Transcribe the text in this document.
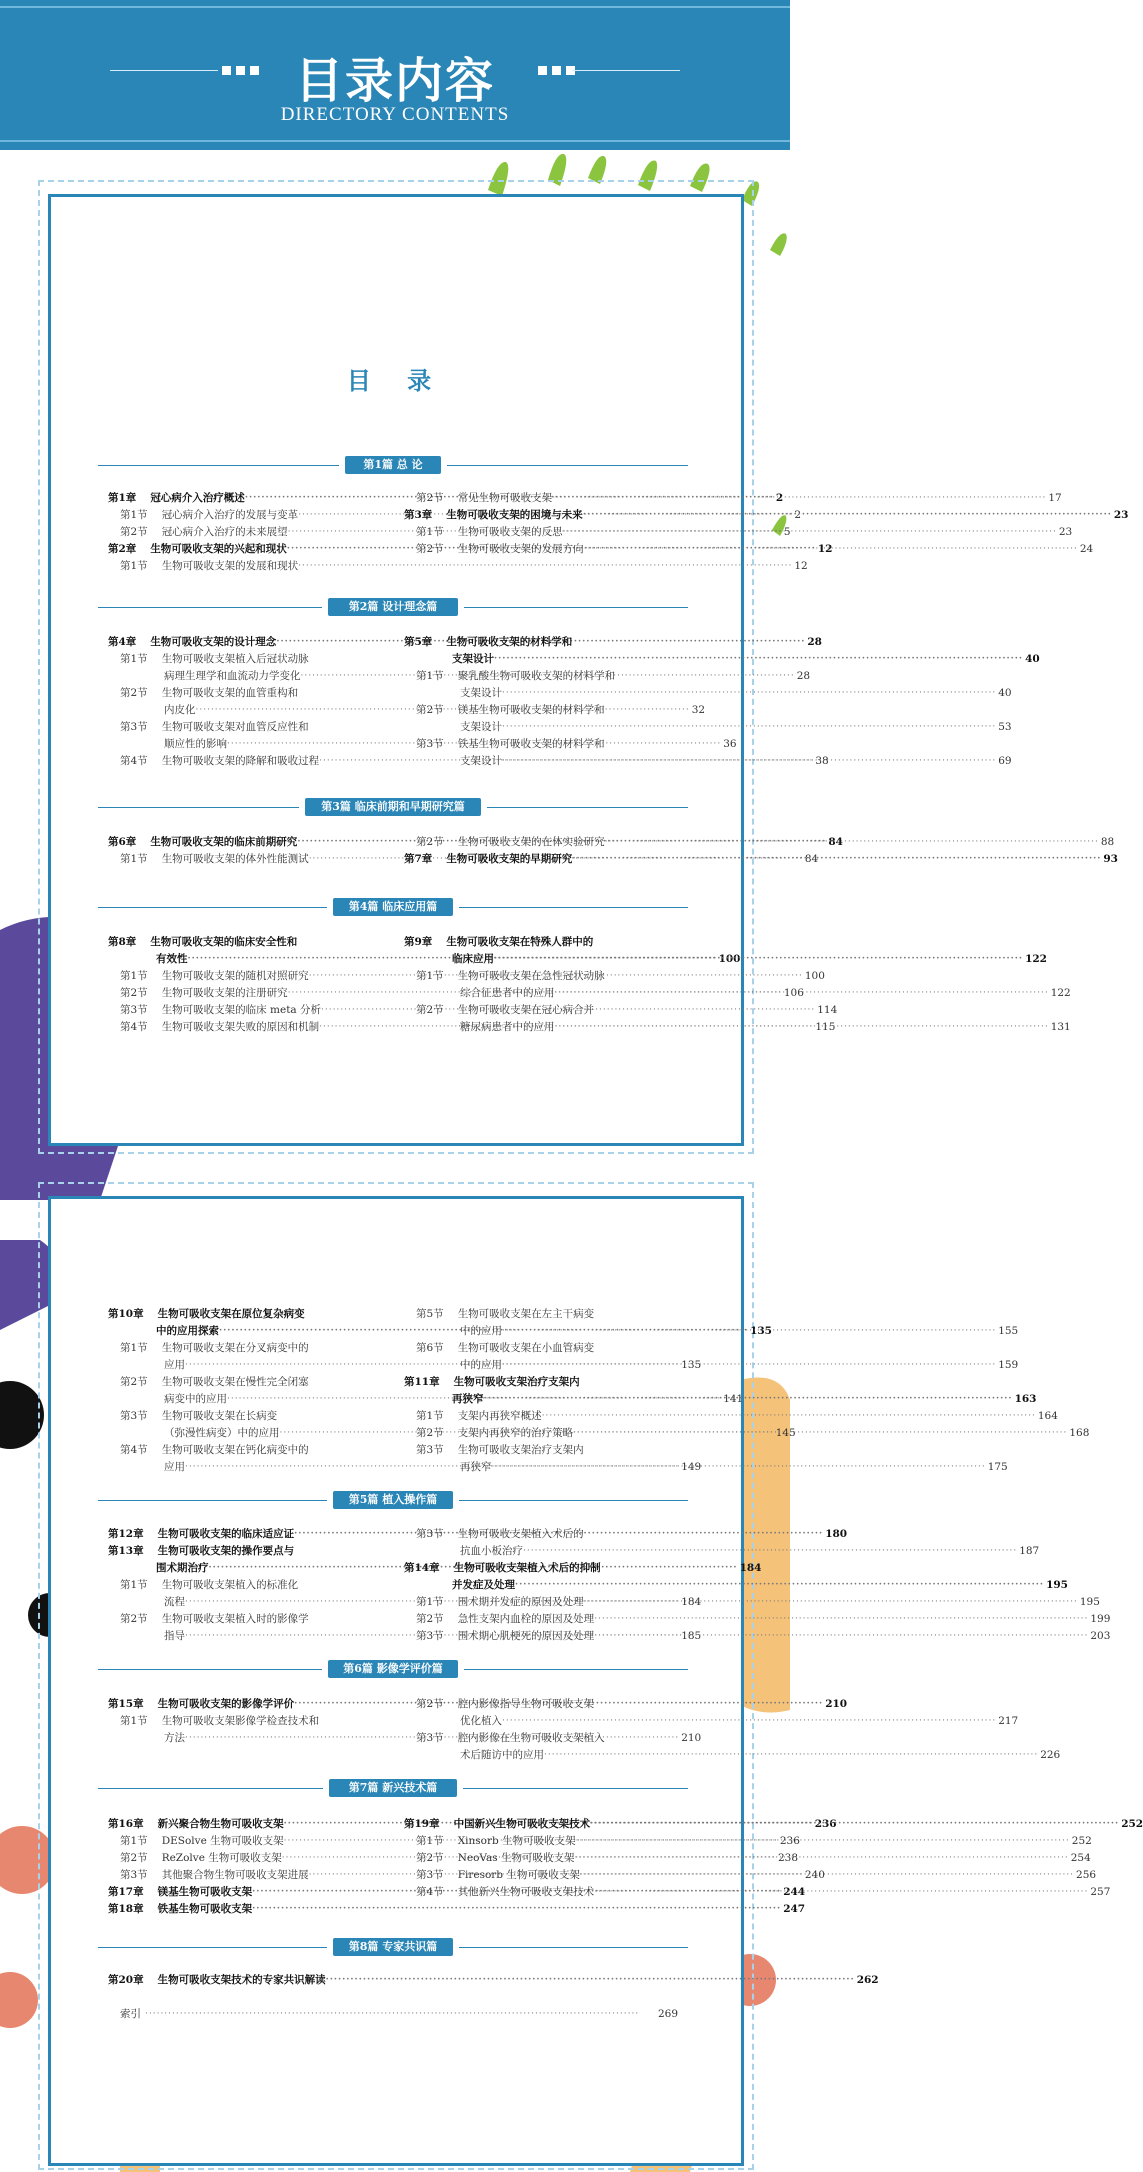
目录内容
DIRECTORY CONTENTS
目 录
第1篇 总 论
第1章 冠心病介入治疗概述 ·····	2
第1节 冠心病介入治疗的发展与变革 ·····	2
第2节 冠心病介入治疗的未来展望 ·····	5
第2章 生物可吸收支架的兴起和现状 ·····	12
第1节 生物可吸收支架的发展和现状 ·····	12
第2节 常见生物可吸收支架 ·····	17
第3章 生物可吸收支架的困境与未来 ·····	23
第1节 生物可吸收支架的反思 ·····	23
第2节 生物可吸收支架的发展方向 ·····	24
第2篇 设计理念篇
第4章 生物可吸收支架的设计理念 ·····	28
第1节 生物可吸收支架植入后冠状动脉
病理生理学和血流动力学变化 ·····	28
第2节 生物可吸收支架的血管重构和
内皮化 ·····	32
第3节 生物可吸收支架对血管反应性和
顺应性的影响 ·····	36
第4节 生物可吸收支架的降解和吸收过程 ·····	38
第5章 生物可吸收支架的材料学和
支架设计 ·····	40
第1节 聚乳酸生物可吸收支架的材料学和
支架设计 ·····	40
第2节 镁基生物可吸收支架的材料学和
支架设计 ·····	53
第3节 铁基生物可吸收支架的材料学和
支架设计 ·····	69
第3篇 临床前期和早期研究篇
第6章 生物可吸收支架的临床前期研究 ·····	84
第1节 生物可吸收支架的体外性能测试 ·····	84
第2节 生物可吸收支架的在体实验研究 ·····	88
第7章 生物可吸收支架的早期研究 ·····	93
第4篇 临床应用篇
第8章 生物可吸收支架的临床安全性和
有效性 ·····	100
第1节 生物可吸收支架的随机对照研究 ·····	100
第2节 生物可吸收支架的注册研究 ·····	106
第3节 生物可吸收支架的临床 meta 分析 ·····	114
第4节 生物可吸收支架失败的原因和机制 ·····	115
第9章 生物可吸收支架在特殊人群中的
临床应用 ·····	122
第1节 生物可吸收支架在急性冠状动脉
综合征患者中的应用 ·····	122
第2节 生物可吸收支架在冠心病合并
糖尿病患者中的应用 ·····	131
第10章 生物可吸收支架在原位复杂病变
中的应用探索 ·····	135
第1节 生物可吸收支架在分叉病变中的
应用 ·····	135
第2节 生物可吸收支架在慢性完全闭塞
病变中的应用 ·····	141
第3节 生物可吸收支架在长病变
（弥漫性病变）中的应用 ·····	145
第4节 生物可吸收支架在钙化病变中的
应用 ·····	149
第5节 生物可吸收支架在左主干病变
中的应用 ·····	155
第6节 生物可吸收支架在小血管病变
中的应用 ·····	159
第11章 生物可吸收支架治疗支架内
再狭窄 ·····	163
第1节 支架内再狭窄概述 ·····	164
第2节 支架内再狭窄的治疗策略 ·····	168
第3节 生物可吸收支架治疗支架内
再狭窄 ·····	175
第5篇 植入操作篇
第12章 生物可吸收支架的临床适应证 ·····	180
第13章 生物可吸收支架的操作要点与
围术期治疗 ·····	184
第1节 生物可吸收支架植入的标准化
流程 ·····	184
第2节 生物可吸收支架植入时的影像学
指导 ·····	185
第3节 生物可吸收支架植入术后的
抗血小板治疗 ·····	187
第14章 生物可吸收支架植入术后的抑制
并发症及处理 ·····	195
第1节 围术期并发症的原因及处理 ·····	195
第2节 急性支架内血栓的原因及处理 ·····	199
第3节 围术期心肌梗死的原因及处理 ·····	203
第6篇 影像学评价篇
第15章 生物可吸收支架的影像学评价 ·····	210
第1节 生物可吸收支架影像学检查技术和
方法 ·····	210
第2节 腔内影像指导生物可吸收支架
优化植入 ·····	217
第3节 腔内影像在生物可吸收支架植入
术后随访中的应用 ·····	226
第7篇 新兴技术篇
第16章 新兴聚合物生物可吸收支架 ·····	236
第1节 DESolve 生物可吸收支架 ·····	236
第2节 ReZolve 生物可吸收支架 ·····	238
第3节 其他聚合物生物可吸收支架进展 ·····	240
第17章 镁基生物可吸收支架 ·····	244
第18章 铁基生物可吸收支架 ·····	247
第19章 中国新兴生物可吸收支架技术 ·····	252
第1节 Xinsorb 生物可吸收支架 ·····	252
第2节 NeoVas 生物可吸收支架 ·····	254
第3节 Firesorb 生物可吸收支架 ·····	256
第4节 其他新兴生物可吸收支架技术 ·····	257
第8篇 专家共识篇
第20章 生物可吸收支架技术的专家共识解读 ·····	262
索引 ·····	269
